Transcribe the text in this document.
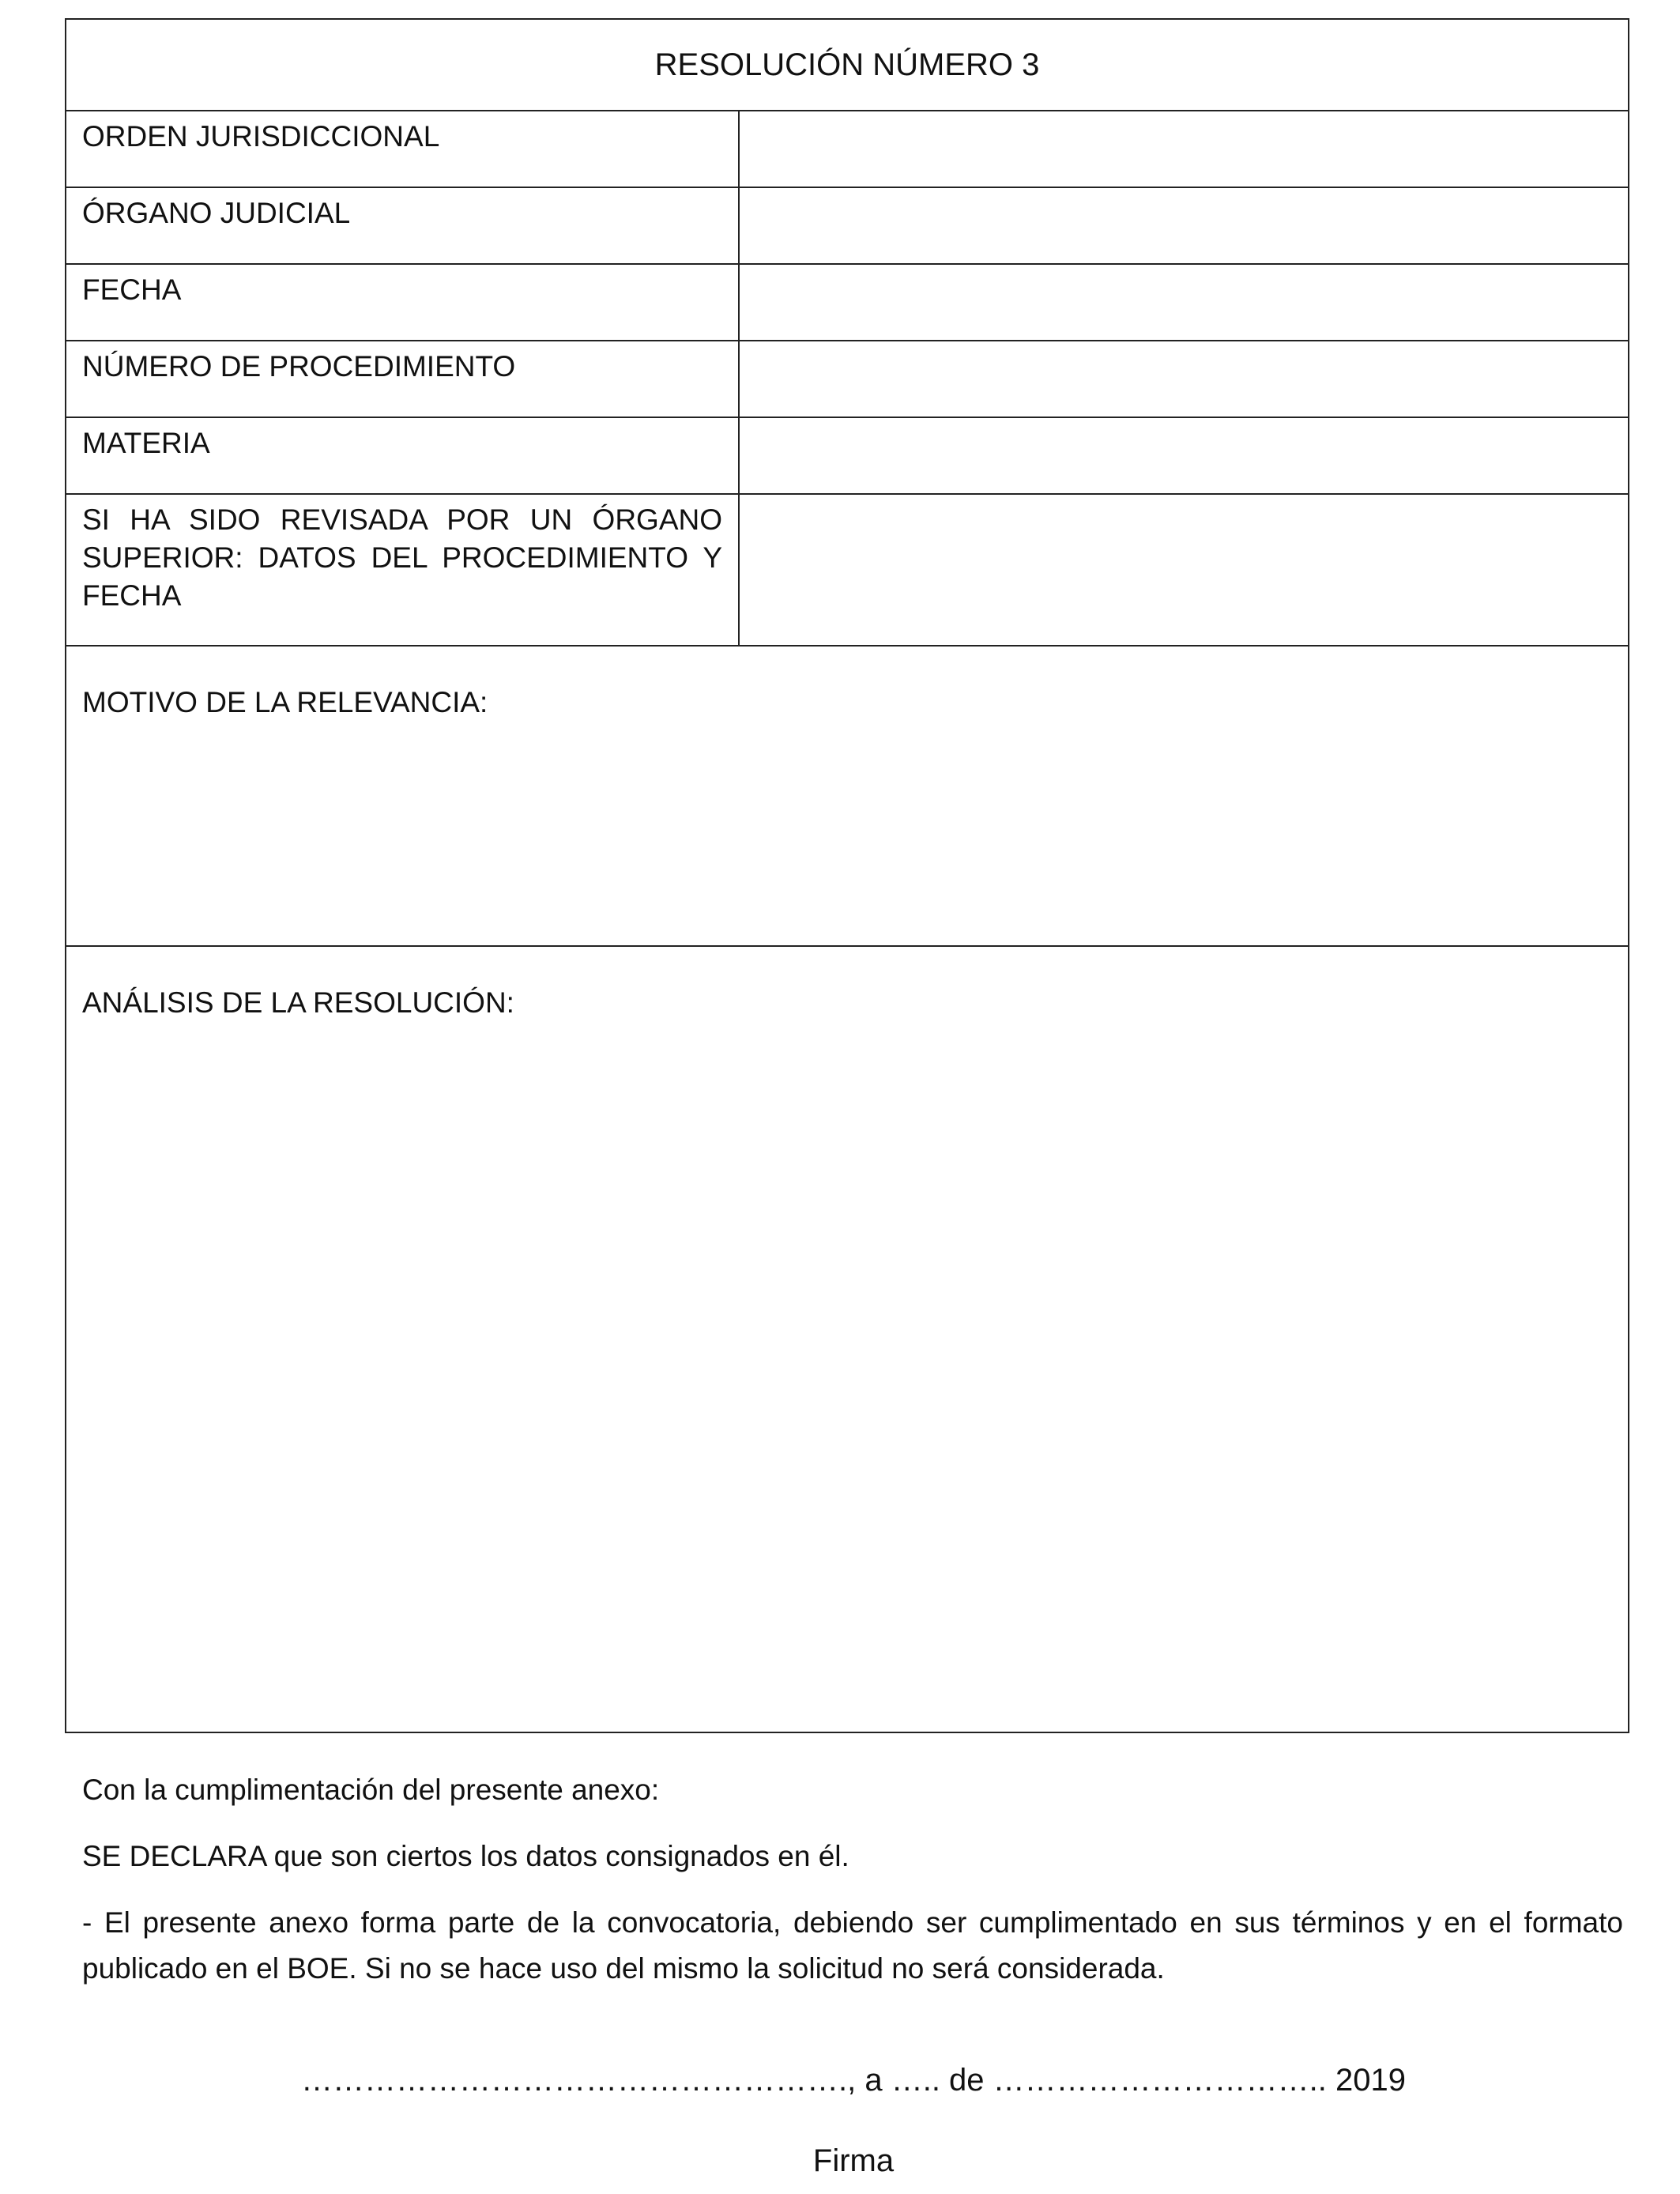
RESOLUCIÓN NÚMERO 3
ORDEN JURISDICCIONAL
ÓRGANO JUDICIAL
FECHA
NÚMERO DE PROCEDIMIENTO
MATERIA
SI HA SIDO REVISADA POR UN ÓRGANO SUPERIOR: DATOS DEL PROCEDIMIENTO Y FECHA
MOTIVO DE LA RELEVANCIA:
ANÁLISIS DE LA RESOLUCIÓN:

Con la cumplimentación del presente anexo:

SE DECLARA que son ciertos los datos consignados en él.

- El presente anexo forma parte de la convocatoria, debiendo ser cumplimentado en sus términos y en el formato publicado en el BOE. Si no se hace uso del mismo la solicitud no será considerada.

……………………………………………., a ….. de ………………………….. 2019
Firma
